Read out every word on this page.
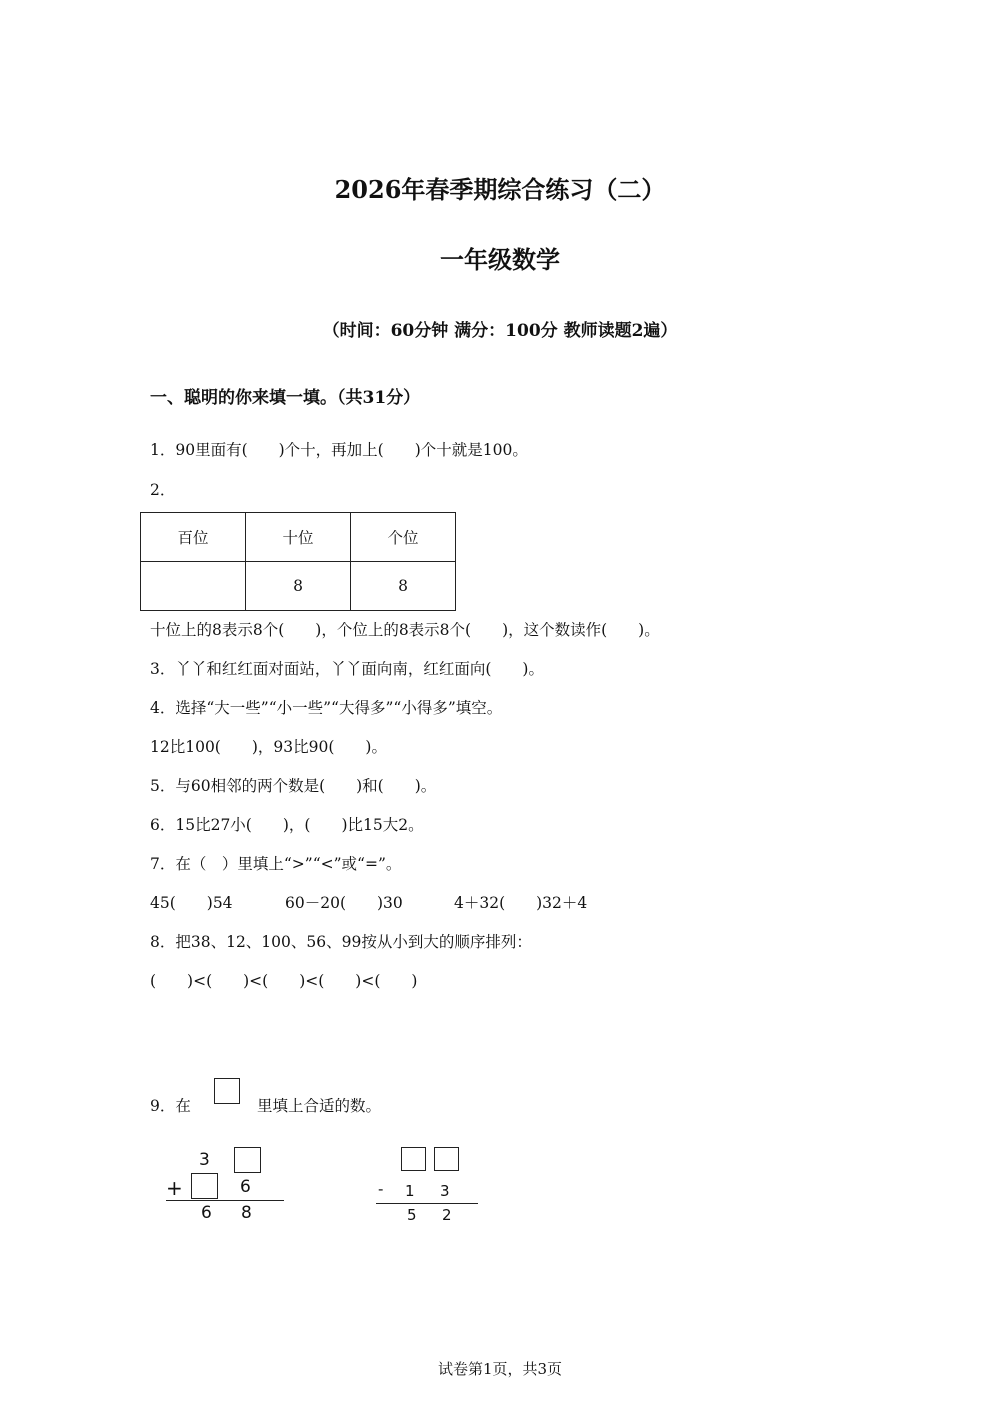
2026年春季期综合练习（二）
一年级数学
（时间：60分钟 满分：100分 教师读题2遍）
一、聪明的你来填一填。（共31分）
1．90里面有(　　)个十，再加上(　　)个十就是100。
2．
百位	十位	个位
	8	8
十位上的8表示8个(　　)，个位上的8表示8个(　　)，这个数读作(　　)。
3．丫丫和红红面对面站，丫丫面向南，红红面向(　　)。
4．选择“大一些”“小一些”“大得多”“小得多”填空。
12比100(　　)，93比90(　　)。
5．与60相邻的两个数是(　　)和(　　)。
6．15比27小(　　)，(　　)比15大2。
7．在（　）里填上“>”“<”或“=”。
45(　　)54	60－20(　　)30	4＋32(　　)32＋4
8．把38、12、100、56、99按从小到大的顺序排列：
(　　)<(　　)<(　　)<(　　)<(　　)
9．在	里填上合适的数。
3
+	6
6 8
- 1 3
5 2
试卷第1页，共3页
